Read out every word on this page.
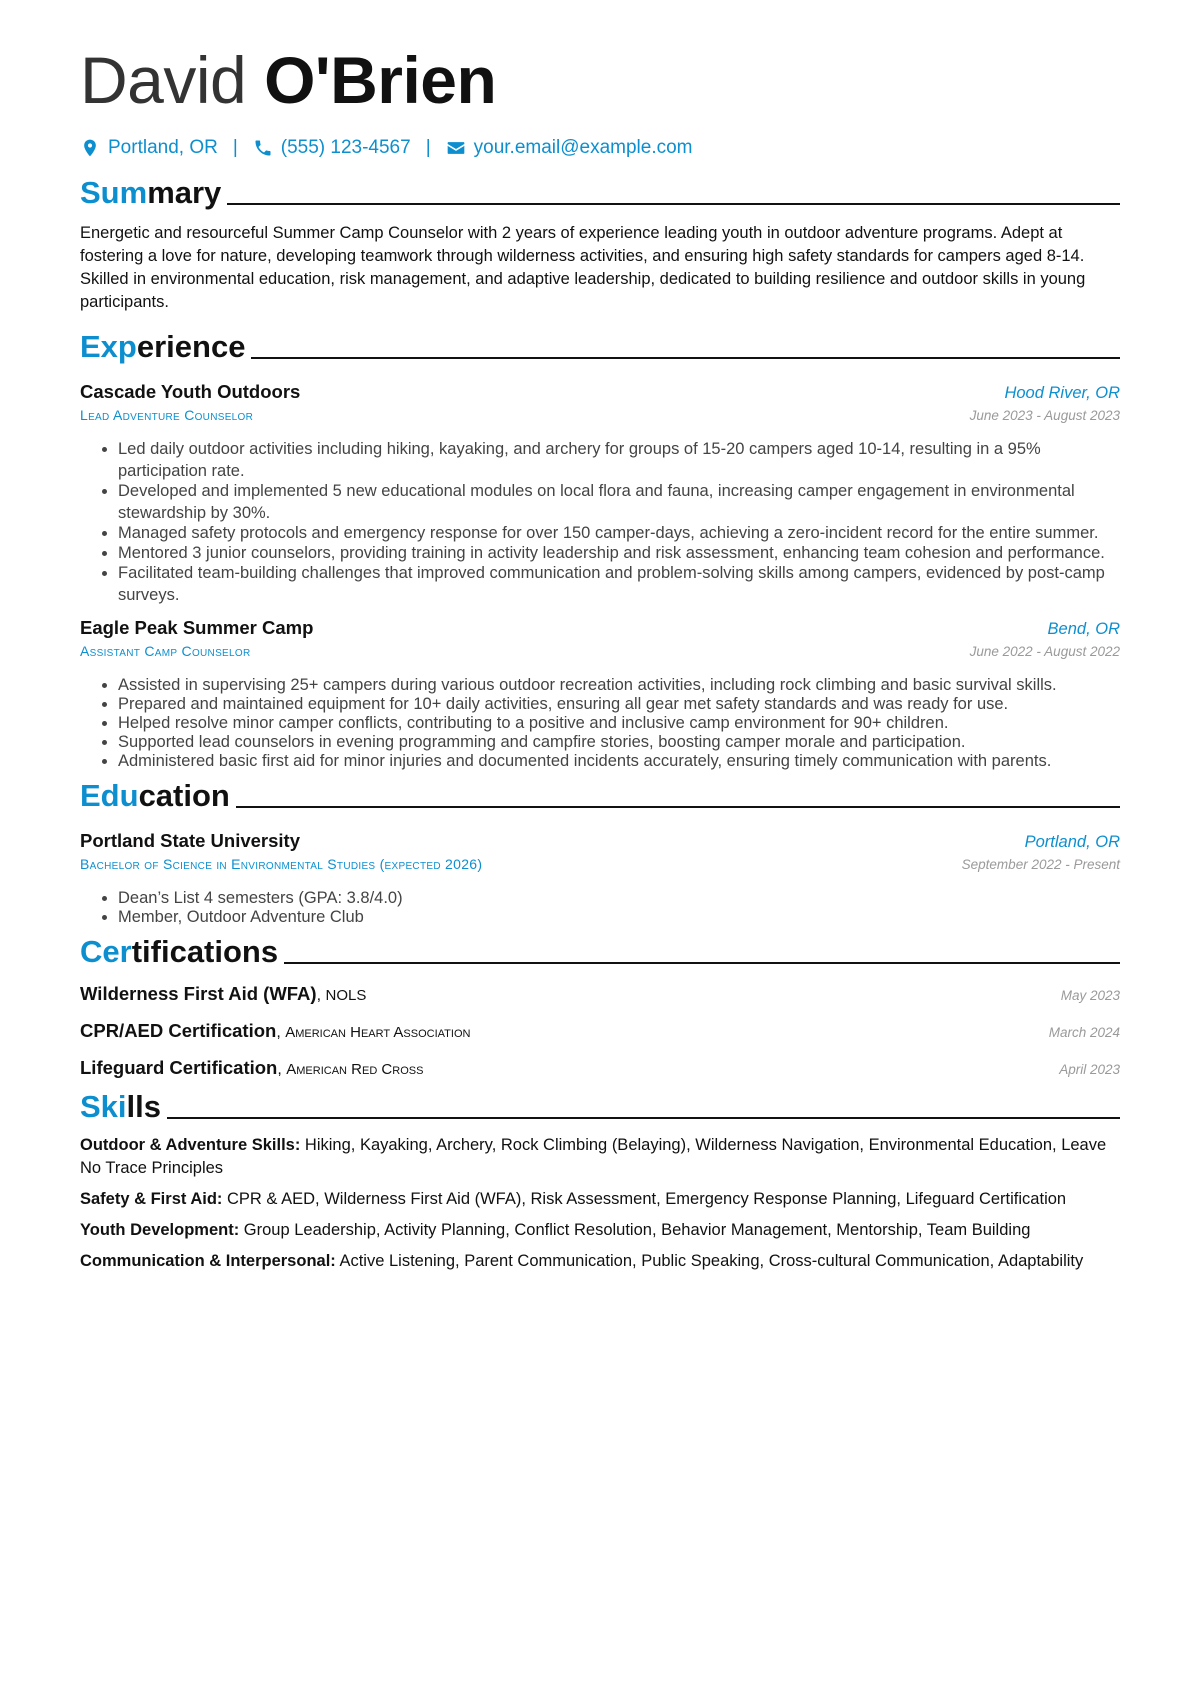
David O'Brien
Portland, OR | (555) 123-4567 | your.email@example.com
Summary
Energetic and resourceful Summer Camp Counselor with 2 years of experience leading youth in outdoor adventure programs. Adept at fostering a love for nature, developing teamwork through wilderness activities, and ensuring high safety standards for campers aged 8-14. Skilled in environmental education, risk management, and adaptive leadership, dedicated to building resilience and outdoor skills in young participants.
Experience
Cascade Youth Outdoors	Hood River, OR
Lead Adventure Counselor	June 2023 - August 2023
• Led daily outdoor activities including hiking, kayaking, and archery for groups of 15-20 campers aged 10-14, resulting in a 95% participation rate.
• Developed and implemented 5 new educational modules on local flora and fauna, increasing camper engagement in environmental stewardship by 30%.
• Managed safety protocols and emergency response for over 150 camper-days, achieving a zero-incident record for the entire summer.
• Mentored 3 junior counselors, providing training in activity leadership and risk assessment, enhancing team cohesion and performance.
• Facilitated team-building challenges that improved communication and problem-solving skills among campers, evidenced by post-camp surveys.
Eagle Peak Summer Camp	Bend, OR
Assistant Camp Counselor	June 2022 - August 2022
• Assisted in supervising 25+ campers during various outdoor recreation activities, including rock climbing and basic survival skills.
• Prepared and maintained equipment for 10+ daily activities, ensuring all gear met safety standards and was ready for use.
• Helped resolve minor camper conflicts, contributing to a positive and inclusive camp environment for 90+ children.
• Supported lead counselors in evening programming and campfire stories, boosting camper morale and participation.
• Administered basic first aid for minor injuries and documented incidents accurately, ensuring timely communication with parents.
Education
Portland State University	Portland, OR
Bachelor of Science in Environmental Studies (expected 2026)	September 2022 - Present
• Dean’s List 4 semesters (GPA: 3.8/4.0)
• Member, Outdoor Adventure Club
Certifications
Wilderness First Aid (WFA), NOLS	May 2023
CPR/AED Certification, American Heart Association	March 2024
Lifeguard Certification, American Red Cross	April 2023
Skills
Outdoor & Adventure Skills: Hiking, Kayaking, Archery, Rock Climbing (Belaying), Wilderness Navigation, Environmental Education, Leave No Trace Principles
Safety & First Aid: CPR & AED, Wilderness First Aid (WFA), Risk Assessment, Emergency Response Planning, Lifeguard Certification
Youth Development: Group Leadership, Activity Planning, Conflict Resolution, Behavior Management, Mentorship, Team Building
Communication & Interpersonal: Active Listening, Parent Communication, Public Speaking, Cross-cultural Communication, Adaptability
